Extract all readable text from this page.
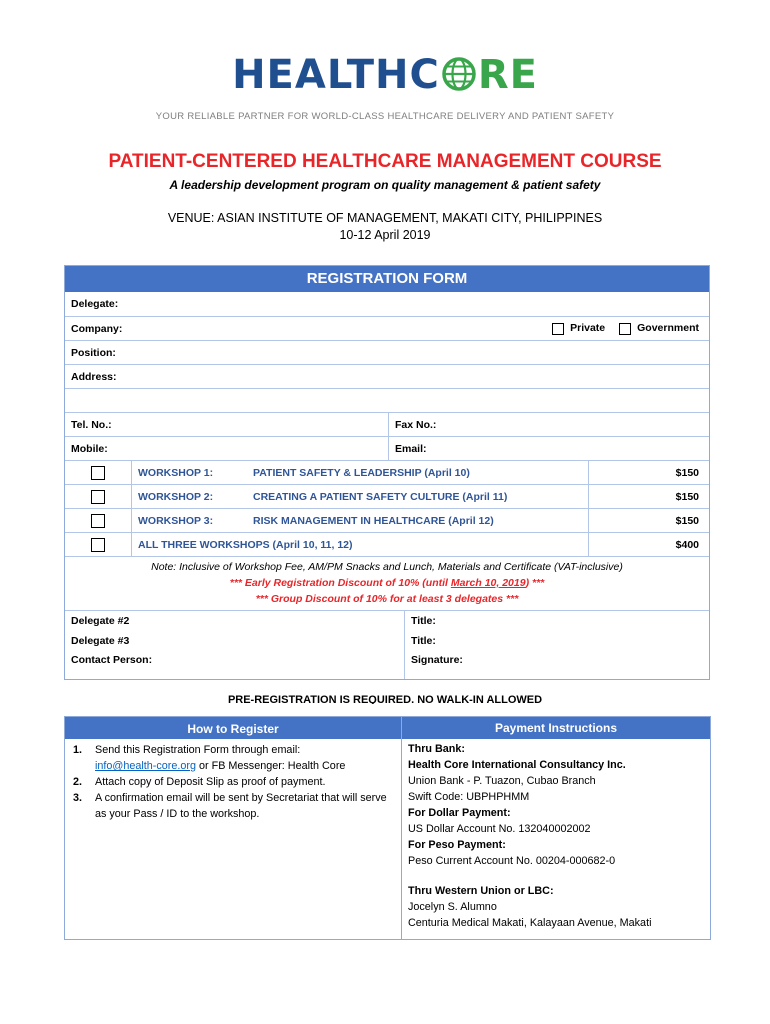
HEALTHC RE
YOUR RELIABLE PARTNER FOR WORLD-CLASS HEALTHCARE DELIVERY AND PATIENT SAFETY
PATIENT-CENTERED HEALTHCARE MANAGEMENT COURSE
A leadership development program on quality management & patient safety
VENUE: ASIAN INSTITUTE OF MANAGEMENT, MAKATI CITY, PHILIPPINES
10-12 April 2019
REGISTRATION FORM
Delegate:
Company:	Private	Government
Position:
Address:
Tel. No.:	Fax No.:
Mobile:	Email:
WORKSHOP 1:	PATIENT SAFETY & LEADERSHIP (April 10)	$150
WORKSHOP 2:	CREATING A PATIENT SAFETY CULTURE (April 11)	$150
WORKSHOP 3:	RISK MANAGEMENT IN HEALTHCARE (April 12)	$150
ALL THREE WORKSHOPS (April 10, 11, 12)	$400
Note: Inclusive of Workshop Fee, AM/PM Snacks and Lunch, Materials and Certificate (VAT-inclusive)
*** Early Registration Discount of 10% (until March 10, 2019) ***
*** Group Discount of 10% for at least 3 delegates ***
Delegate #2	Title:
Delegate #3	Title:
Contact Person:	Signature:
PRE-REGISTRATION IS REQUIRED. NO WALK-IN ALLOWED
How to Register
1.	Send this Registration Form through email:
info@health-core.org or FB Messenger: Health Core
2.	Attach copy of Deposit Slip as proof of payment.
3.	A confirmation email will be sent by Secretariat that will serve as your Pass / ID to the workshop.
Payment Instructions
Thru Bank:
Health Core International Consultancy Inc.
Union Bank - P. Tuazon, Cubao Branch
Swift Code: UBPHPHMM
For Dollar Payment:
US Dollar Account No. 132040002002
For Peso Payment:
Peso Current Account No. 00204-000682-0
Thru Western Union or LBC:
Jocelyn S. Alumno
Centuria Medical Makati, Kalayaan Avenue, Makati
